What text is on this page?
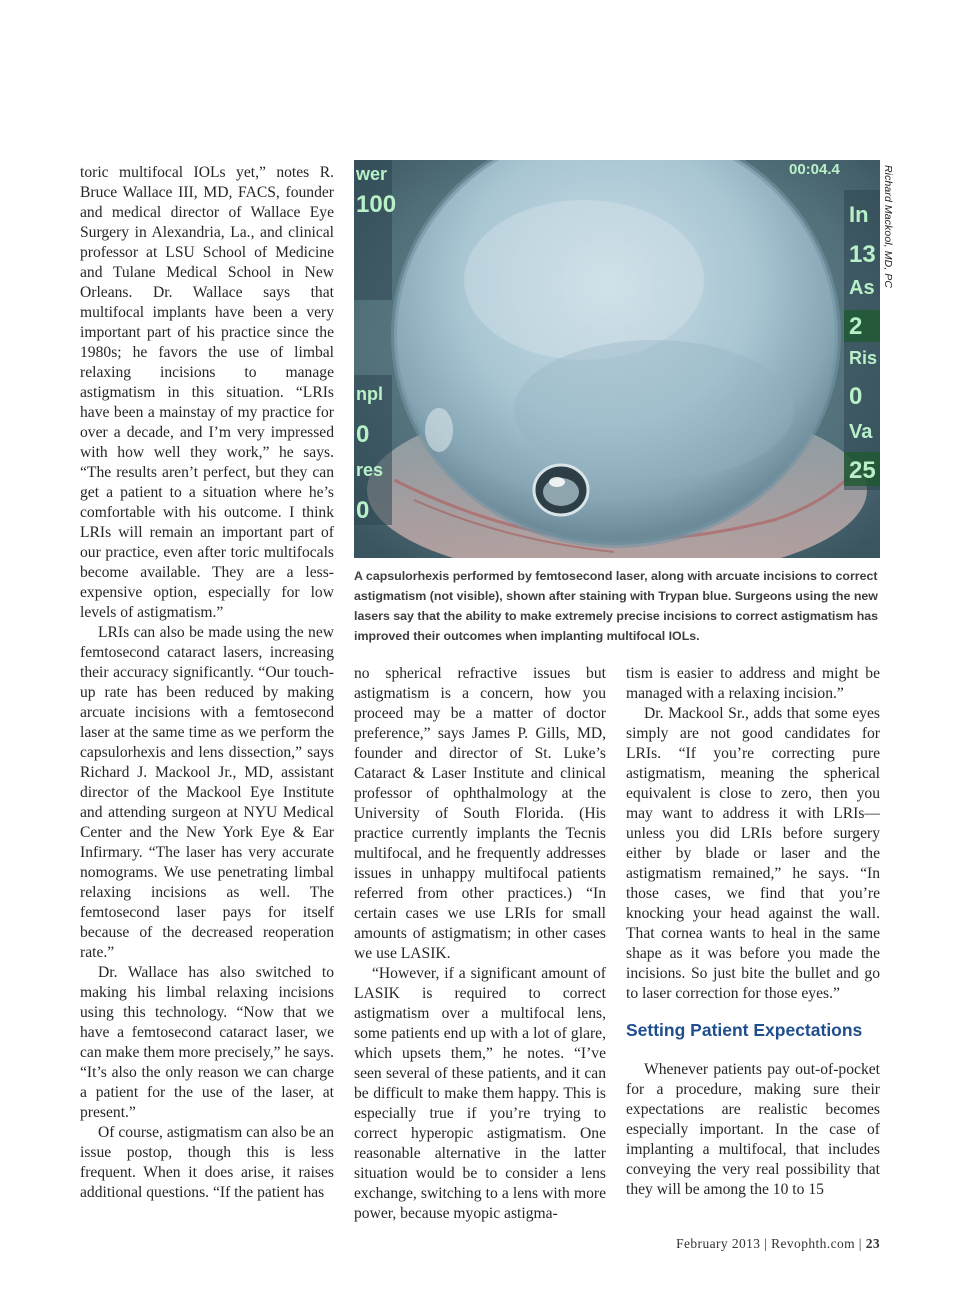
toric multifocal IOLs yet,” notes R. Bruce Wallace III, MD, FACS, founder and medical director of Wallace Eye Surgery in Alexandria, La., and clinical professor at LSU School of Medicine and Tulane Medical School in New Orleans. Dr. Wallace says that multifocal implants have been a very important part of his practice since the 1980s; he favors the use of limbal relaxing incisions to manage astigmatism in this situation. “LRIs have been a mainstay of my practice for over a decade, and I’m very impressed with how well they work,” he says. “The results aren’t perfect, but they can get a patient to a situation where he’s comfortable with his outcome. I think LRIs will remain an important part of our practice, even after toric multifocals become available. They are a less-expensive option, especially for low levels of astigmatism.”

LRIs can also be made using the new femtosecond cataract lasers, increasing their accuracy significantly. “Our touch-up rate has been reduced by making arcuate incisions with a femtosecond laser at the same time as we perform the capsulorhexis and lens dissection,” says Richard J. Mackool Jr., MD, assistant director of the Mackool Eye Institute and attending surgeon at NYU Medical Center and the New York Eye & Ear Infirmary. “The laser has very accurate nomograms. We use penetrating limbal relaxing incisions as well. The femtosecond laser pays for itself because of the decreased reoperation rate.”

Dr. Wallace has also switched to making his limbal relaxing incisions using this technology. “Now that we have a femtosecond cataract laser, we can make them more precisely,” he says. “It’s also the only reason we can charge a patient for the use of the laser, at present.”

Of course, astigmatism can also be an issue postop, though this is less frequent. When it does arise, it raises additional questions. “If the patient has

wer
100
npl
0
res
0
In
13
As
2
Ris
0
Va
25
00:04.4	Richard Mackool, MD, PC
A capsulorhexis performed by femtosecond laser, along with arcuate incisions to correct astigmatism (not visible), shown after staining with Trypan blue. Surgeons using the new lasers say that the ability to make extremely precise incisions to correct astigmatism has improved their outcomes when implanting multifocal IOLs.

no spherical refractive issues but astigmatism is a concern, how you proceed may be a matter of doctor preference,” says James P. Gills, MD, founder and director of St. Luke’s Cataract & Laser Institute and clinical professor of ophthalmology at the University of South Florida. (His practice currently implants the Tecnis multifocal, and he frequently addresses issues in unhappy multifocal patients referred from other practices.) “In certain cases we use LRIs for small amounts of astigmatism; in other cases we use LASIK.

“However, if a significant amount of LASIK is required to correct astigmatism over a multifocal lens, some patients end up with a lot of glare, which upsets them,” he notes. “I’ve seen several of these patients, and it can be difficult to make them happy. This is especially true if you’re trying to correct hyperopic astigmatism. One reasonable alternative in the latter situation would be to consider a lens exchange, switching to a lens with more power, because myopic astigma-

tism is easier to address and might be managed with a relaxing incision.”

Dr. Mackool Sr., adds that some eyes simply are not good candidates for LRIs. “If you’re correcting pure astigmatism, meaning the spherical equivalent is close to zero, then you may want to address it with LRIs—unless you did LRIs before surgery either by blade or laser and the astigmatism remained,” he says. “In those cases, we find that you’re knocking your head against the wall. That cornea wants to heal in the same shape as it was before you made the incisions. So just bite the bullet and go to laser correction for those eyes.”

Setting Patient Expectations

Whenever patients pay out-of-pocket for a procedure, making sure their expectations are realistic becomes especially important. In the case of implanting a multifocal, that includes conveying the very real possibility that they will be among the 10 to 15

February 2013 | Revophth.com | 23
